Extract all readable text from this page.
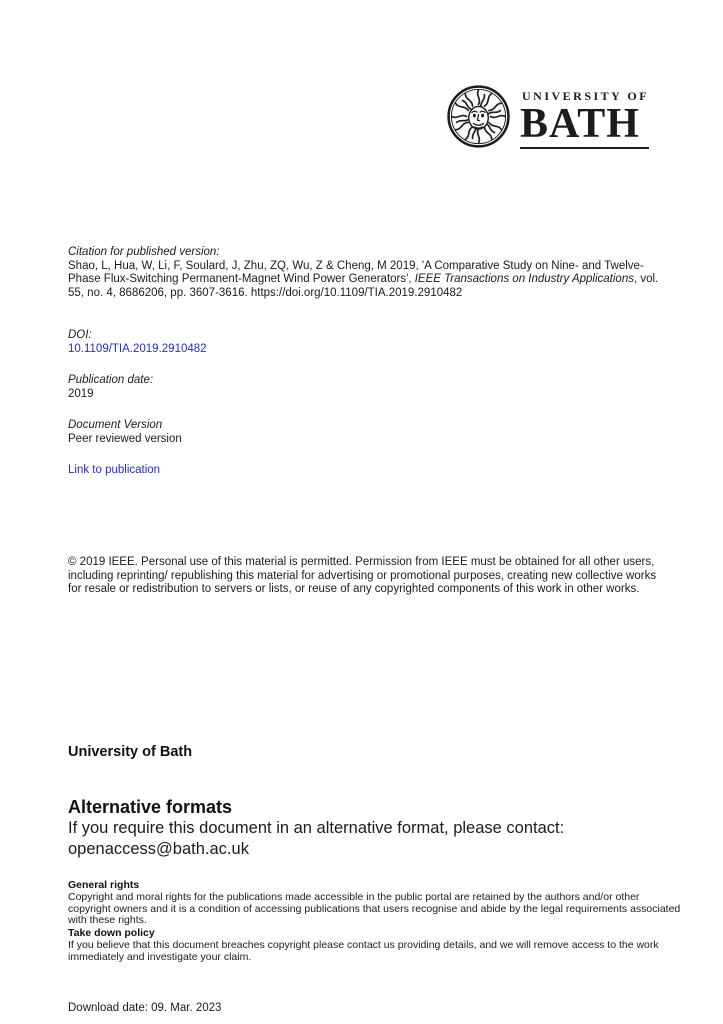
UNIVERSITY OF
BATH
Citation for published version:
Shao, L, Hua, W, Li, F, Soulard, J, Zhu, ZQ, Wu, Z & Cheng, M 2019, 'A Comparative Study on Nine- and Twelve-Phase Flux-Switching Permanent-Magnet Wind Power Generators', IEEE Transactions on Industry Applications, vol. 55, no. 4, 8686206, pp. 3607-3616. https://doi.org/10.1109/TIA.2019.2910482
DOI:
10.1109/TIA.2019.2910482
Publication date:
2019
Document Version
Peer reviewed version
Link to publication
© 2019 IEEE. Personal use of this material is permitted. Permission from IEEE must be obtained for all other users, including reprinting/ republishing this material for advertising or promotional purposes, creating new collective works for resale or redistribution to servers or lists, or reuse of any copyrighted components of this work in other works.
University of Bath
Alternative formats
If you require this document in an alternative format, please contact:
openaccess@bath.ac.uk
General rights
Copyright and moral rights for the publications made accessible in the public portal are retained by the authors and/or other copyright owners and it is a condition of accessing publications that users recognise and abide by the legal requirements associated with these rights.
Take down policy
If you believe that this document breaches copyright please contact us providing details, and we will remove access to the work immediately and investigate your claim.
Download date: 09. Mar. 2023
